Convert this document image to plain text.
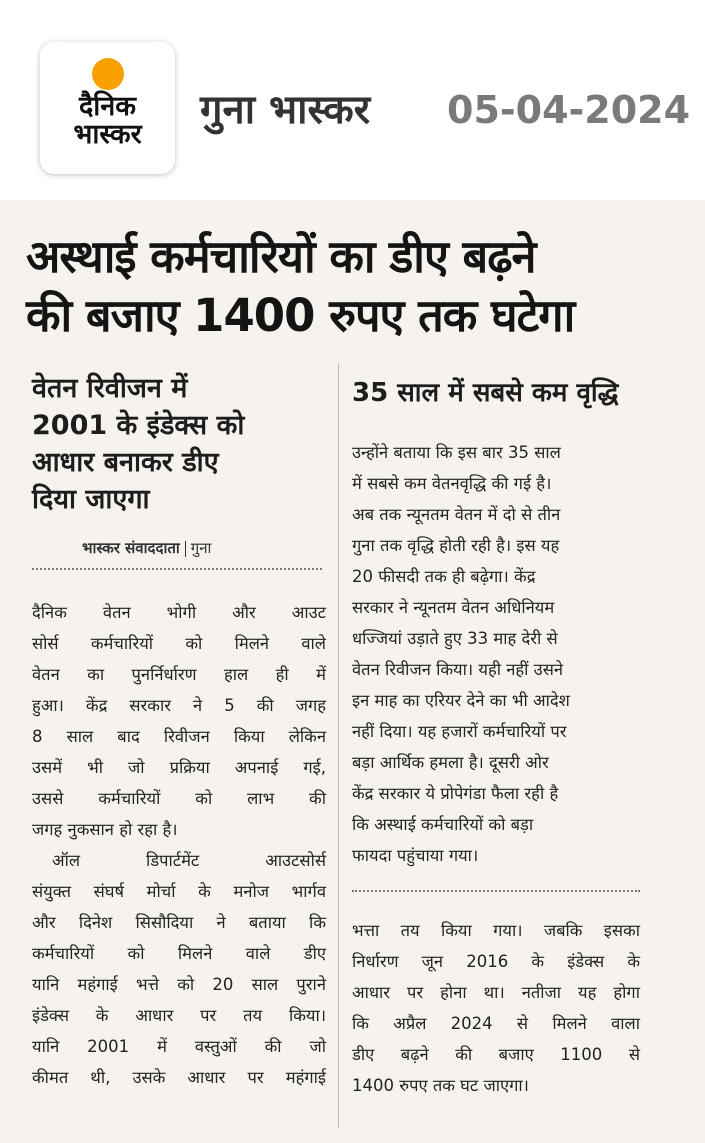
दैनिक
भास्कर
गुना भास्कर 05-04-2024
अस्थाई कर्मचारियों का डीए बढ़ने
की बजाए 1400 रुपए तक घटेगा
वेतन रिवीजन में
2001 के इंडेक्स को
आधार बनाकर डीए
दिया जाएगा
भास्कर संवाददाता गुना
35 साल में सबसे कम वृद्धि
दैनिक वेतन भोगी और आउट
सोर्स कर्मचारियों को मिलने वाले
वेतन का पुनर्निर्धारण हाल ही में
हुआ। केंद्र सरकार ने 5 की जगह
8 साल बाद रिवीजन किया लेकिन
उसमें भी जो प्रक्रिया अपनाई गई,
उससे कर्मचारियों को लाभ की
जगह नुकसान हो रहा है।
ऑल डिपार्टमेंट आउटसोर्स
संयुक्त संघर्ष मोर्चा के मनोज भार्गव
और दिनेश सिसौदिया ने बताया कि
कर्मचारियों को मिलने वाले डीए
यानि महंगाई भत्ते को 20 साल पुराने
इंडेक्स के आधार पर तय किया।
यानि 2001 में वस्तुओं की जो
कीमत थी, उसके आधार पर महंगाई
उन्होंने बताया कि इस बार 35 साल
में सबसे कम वेतनवृद्धि की गई है।
अब तक न्यूनतम वेतन में दो से तीन
गुना तक वृद्धि होती रही है। इस यह
20 फीसदी तक ही बढ़ेगा। केंद्र
सरकार ने न्यूनतम वेतन अधिनियम
धज्जियां उड़ाते हुए 33 माह देरी से
वेतन रिवीजन किया। यही नहीं उसने
इन माह का एरियर देने का भी आदेश
नहीं दिया। यह हजारों कर्मचारियों पर
बड़ा आर्थिक हमला है। दूसरी ओर
केंद्र सरकार ये प्रोपेगंडा फैला रही है
कि अस्थाई कर्मचारियों को बड़ा
फायदा पहुंचाया गया।
भत्ता तय किया गया। जबकि इसका
निर्धारण जून 2016 के इंडेक्स के
आधार पर होना था। नतीजा यह होगा
कि अप्रैल 2024 से मिलने वाला
डीए बढ़ने की बजाए 1100 से
1400 रुपए तक घट जाएगा।
